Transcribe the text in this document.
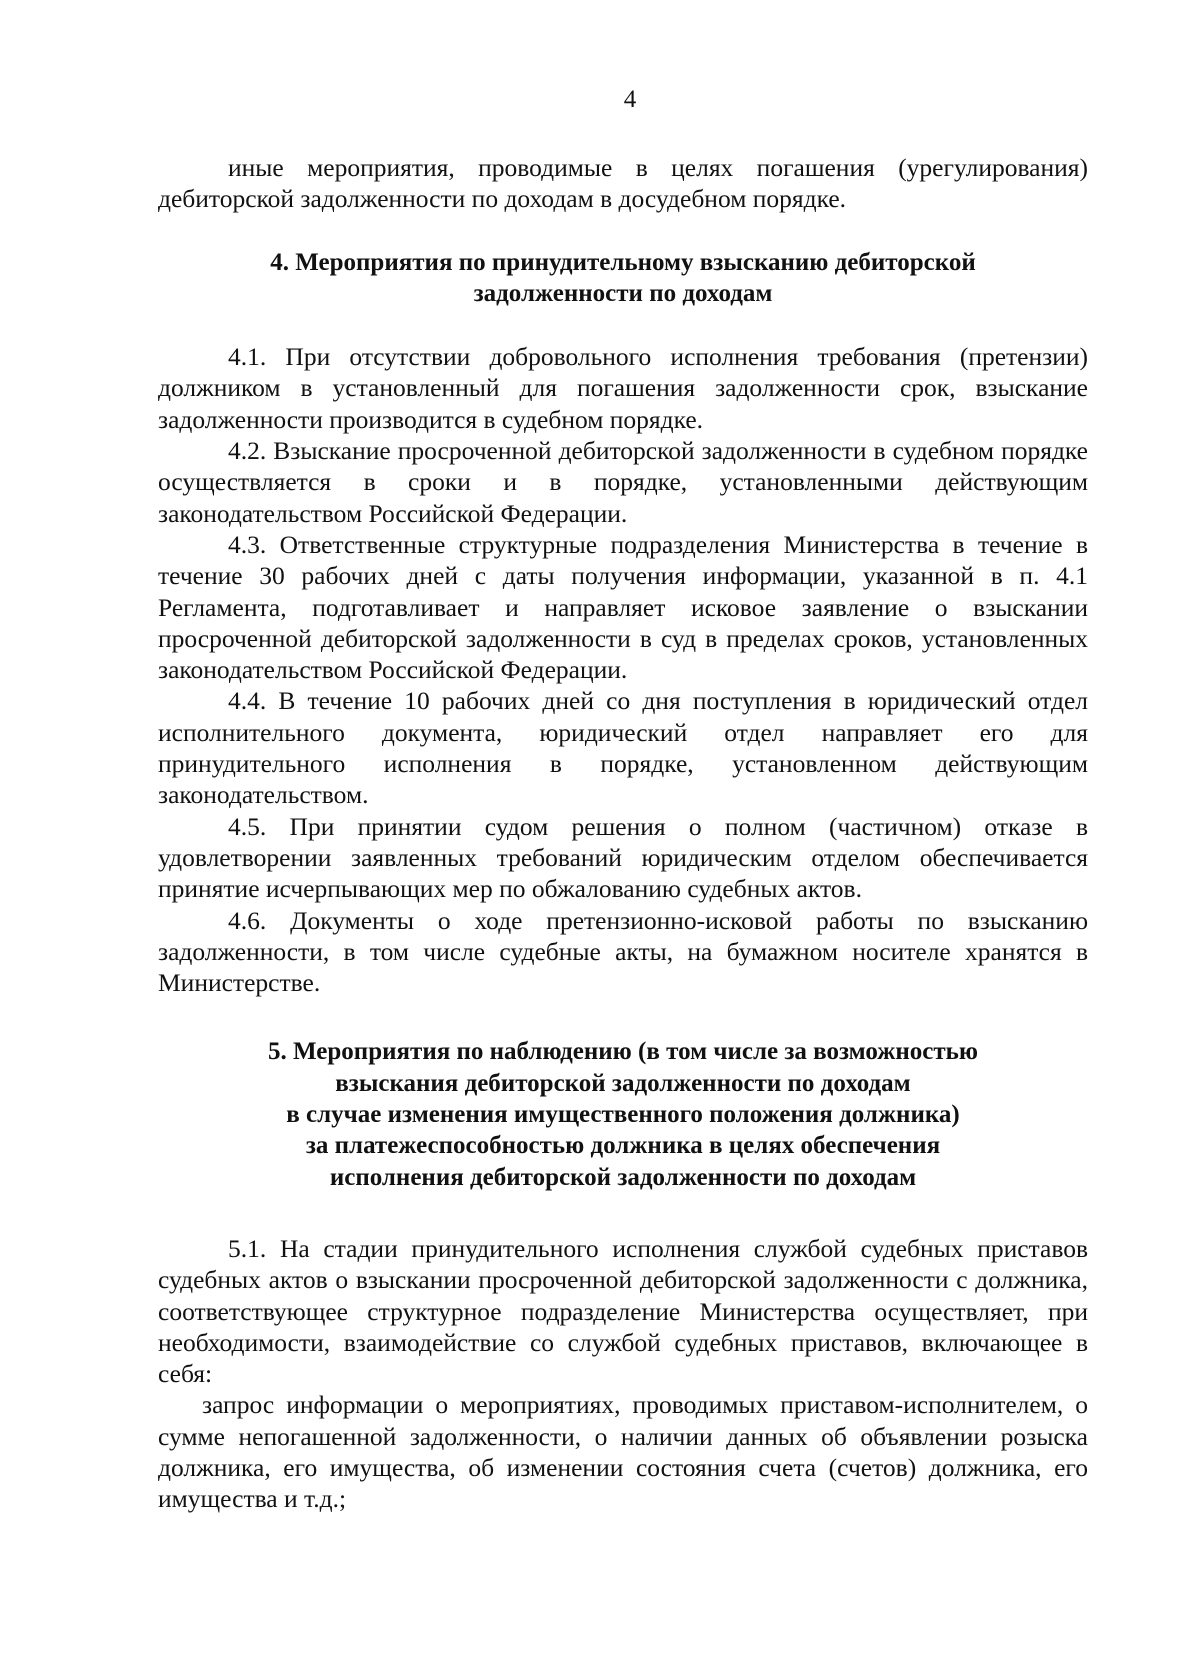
4

иные мероприятия, проводимые в целях погашения (урегулирования) дебиторской задолженности по доходам в досудебном порядке.

4. Мероприятия по принудительному взысканию дебиторской задолженности по доходам

4.1. При отсутствии добровольного исполнения требования (претензии) должником в установленный для погашения задолженности срок, взыскание задолженности производится в судебном порядке.

4.2. Взыскание просроченной дебиторской задолженности в судебном порядке осуществляется в сроки и в порядке, установленными действующим законодательством Российской Федерации.

4.3. Ответственные структурные подразделения Министерства в течение в течение 30 рабочих дней с даты получения информации, указанной в п. 4.1 Регламента, подготавливает и направляет исковое заявление о взыскании просроченной дебиторской задолженности в суд в пределах сроков, установленных законодательством Российской Федерации.

4.4. В течение 10 рабочих дней со дня поступления в юридический отдел исполнительного документа, юридический отдел направляет его для принудительного исполнения в порядке, установленном действующим законодательством.

4.5. При принятии судом решения о полном (частичном) отказе в удовлетворении заявленных требований юридическим отделом обеспечивается принятие исчерпывающих мер по обжалованию судебных актов.

4.6. Документы о ходе претензионно-исковой работы по взысканию задолженности, в том числе судебные акты, на бумажном носителе хранятся в Министерстве.

5. Мероприятия по наблюдению (в том числе за возможностью
взыскания дебиторской задолженности по доходам
в случае изменения имущественного положения должника)
за платежеспособностью должника в целях обеспечения
исполнения дебиторской задолженности по доходам

5.1. На стадии принудительного исполнения службой судебных приставов судебных актов о взыскании просроченной дебиторской задолженности с должника, соответствующее структурное подразделение Министерства осуществляет, при необходимости, взаимодействие со службой судебных приставов, включающее в себя:

запрос информации о мероприятиях, проводимых приставом-исполнителем, о сумме непогашенной задолженности, о наличии данных об объявлении розыска должника, его имущества, об изменении состояния счета (счетов) должника, его имущества и т.д.;
